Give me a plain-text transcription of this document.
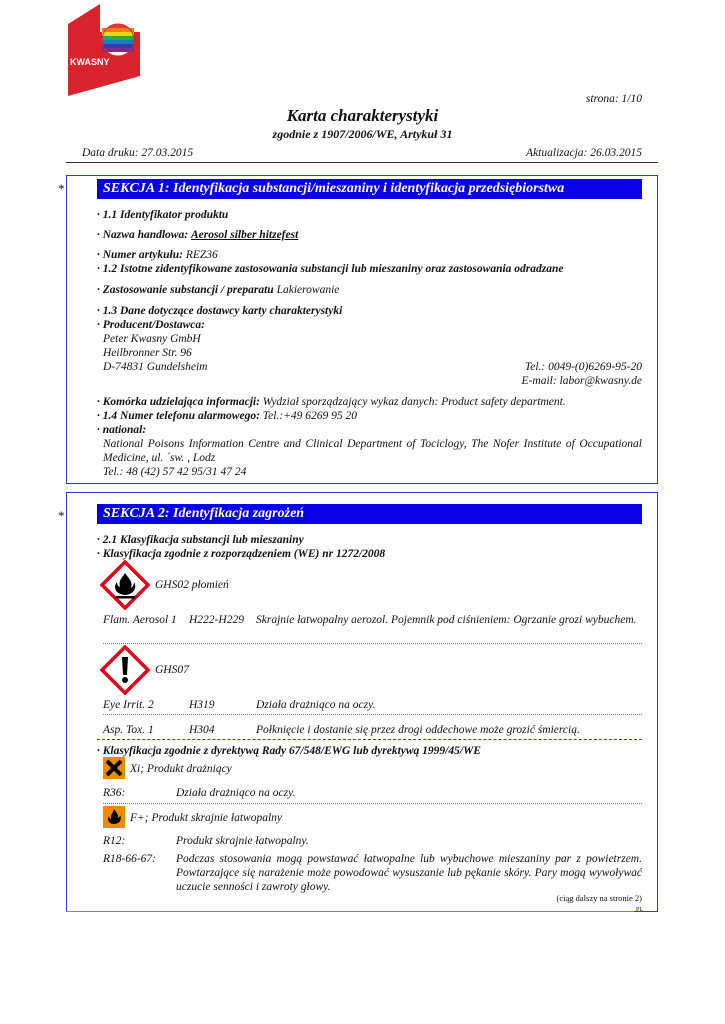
KWASNY
strona: 1/10
Karta charakterystyki
zgodnie z 1907/2006/WE, Artykuł 31
Data druku: 27.03.2015	Aktualizacja: 26.03.2015
*	SEKCJA 1: Identyfikacja substancji/mieszaniny i identyfikacja przedsiębiorstwa
· 1.1 Identyfikator produktu
· Nazwa handlowa: Aerosol silber hitzefest
· Numer artykułu: REZ36
· 1.2 Istotne zidentyfikowane zastosowania substancji lub mieszaniny oraz zastosowania odradzane
· Zastosowanie substancji / preparatu Lakierowanie
· 1.3 Dane dotyczące dostawcy karty charakterystyki
· Producent/Dostawca:
Peter Kwasny GmbH
Heilbronner Str. 96
D-74831 Gundelsheim	Tel.: 0049-(0)6269-95-20
E-mail: labor@kwasny.de
· Komórka udzielająca informacji: Wydział sporządzający wykaz danych: Product safety department.
· 1.4 Numer telefonu alarmowego: Tel.:+49 6269 95 20
· national:
National Poisons Information Centre and Clinical Department of Tociclogy, The Nofer Institute of Occupational Medicine, ul. ´sw. , Lodz
Tel.: 48 (42) 57 42 95/31 47 24
*	SEKCJA 2: Identyfikacja zagrożeń
· 2.1 Klasyfikacja substancji lub mieszaniny
· Klasyfikacja zgodnie z rozporządzeniem (WE) nr 1272/2008
GHS02 płomień
Flam. Aerosol 1 H222-H229 Skrajnie łatwopalny aerozol. Pojemnik pod ciśnieniem: Ogrzanie grozi wybuchem.
GHS07
Eye Irrit. 2	H319	Działa drażniąco na oczy.
Asp. Tox. 1	H304	Połknięcie i dostanie się przez drogi oddechowe może grozić śmiercią.
· Klasyfikacja zgodnie z dyrektywą Rady 67/548/EWG lub dyrektywą 1999/45/WE
Xi; Produkt drażniący
R36:	Działa drażniąco na oczy.
F+; Produkt skrajnie łatwopalny
R12:	Produkt skrajnie łatwopalny.
R18-66-67: Podczas stosowania mogą powstawać łatwopalne lub wybuchowe mieszaniny par z powietrzem. Powtarzające się narażenie może powodować wysuszanie lub pękanie skóry. Pary mogą wywoływać uczucie senności i zawroty głowy.
(ciąg dalszy na stronie 2)
PL
